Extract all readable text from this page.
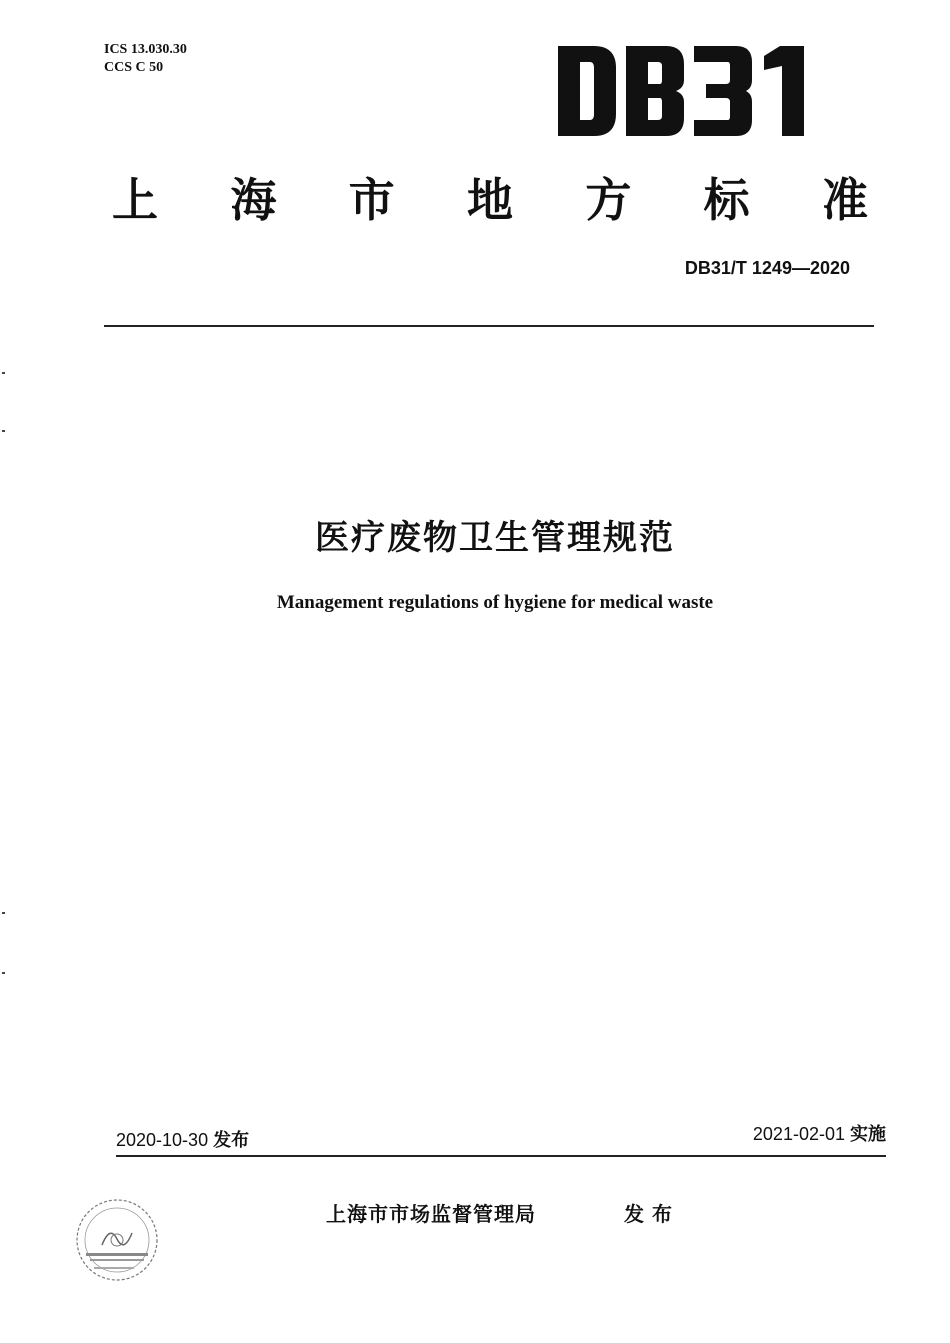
ICS 13.030.30
CCS C 50
上 海 市 地 方 标 准
DB31/T 1249—2020
医疗废物卫生管理规范
Management regulations of hygiene for medical waste
2020-10-30 发布	2021-02-01 实施
上海市市场监督管理局	发布
